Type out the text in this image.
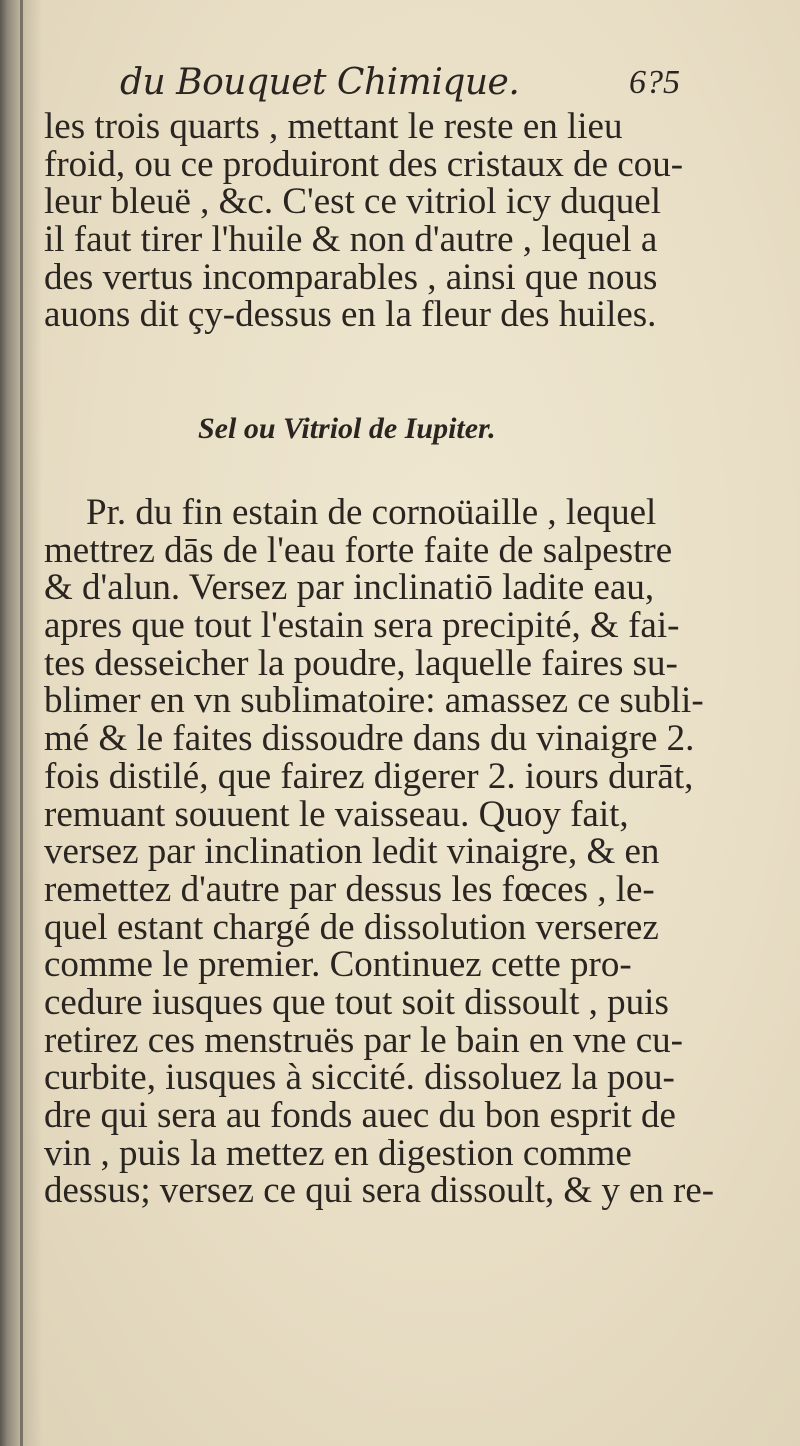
du Bouquet Chimique.	6?5
les trois quarts , mettant le reste en lieu
froid, ou ce produiront des cristaux de cou-
leur bleuë , &c. C'est ce vitriol icy duquel
il faut tirer l'huile & non d'autre , lequel a
des vertus incomparables , ainsi que nous
auons dit çy-dessus en la fleur des huiles.
Sel ou Vitriol de Iupiter.
Pr. du fin estain de cornoüaille , lequel
mettrez dās de l'eau forte faite de salpestre
& d'alun. Versez par inclinatiō ladite eau,
apres que tout l'estain sera precipité, & fai-
tes desseicher la poudre, laquelle faires su-
blimer en vn sublimatoire: amassez ce subli-
mé & le faites dissoudre dans du vinaigre 2.
fois distilé, que fairez digerer 2. iours durāt,
remuant souuent le vaisseau. Quoy fait,
versez par inclination ledit vinaigre, & en
remettez d'autre par dessus les fœces , le-
quel estant chargé de dissolution verserez
comme le premier. Continuez cette pro-
cedure iusques que tout soit dissoult , puis
retirez ces menstruës par le bain en vne cu-
curbite, iusques à siccité. dissoluez la pou-
dre qui sera au fonds auec du bon esprit de
vin , puis la mettez en digestion comme
dessus; versez ce qui sera dissoult, & y en re-
